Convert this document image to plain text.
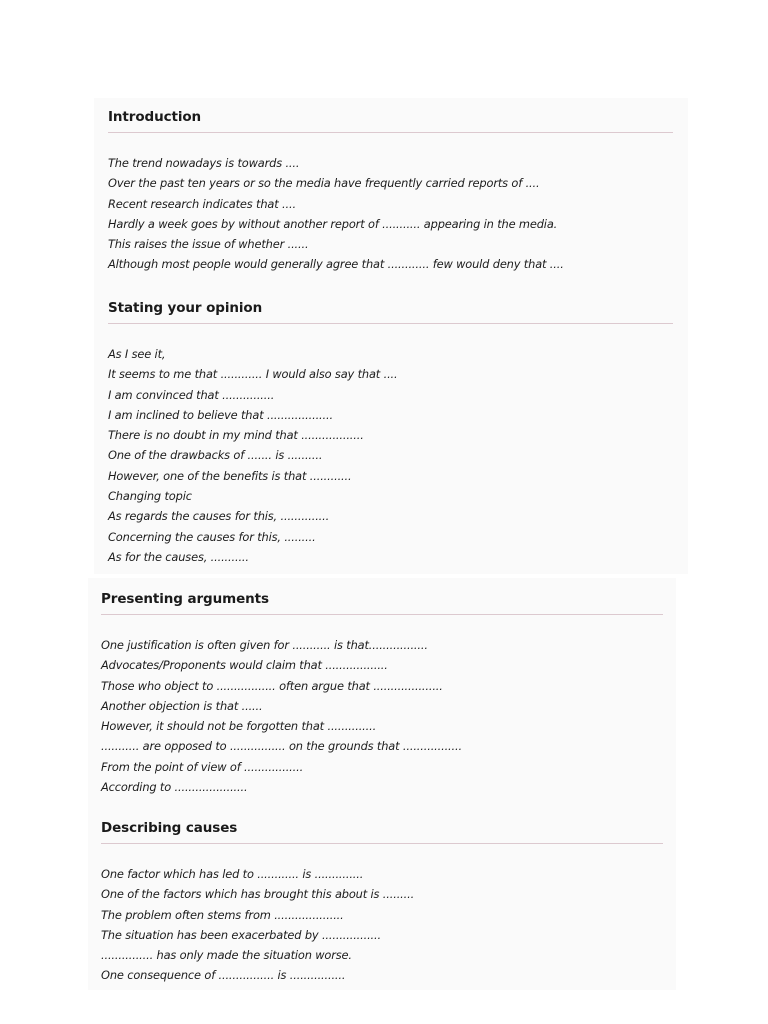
Introduction
The trend nowadays is towards ....
Over the past ten years or so the media have frequently carried reports of ....
Recent research indicates that ....
Hardly a week goes by without another report of ........... appearing in the media.
This raises the issue of whether ......
Although most people would generally agree that ............ few would deny that ....
Stating your opinion
As I see it,
It seems to me that ............ I would also say that ....
I am convinced that ...............
I am inclined to believe that ...................
There is no doubt in my mind that ..................
One of the drawbacks of ....... is ..........
However, one of the benefits is that ............
Changing topic
As regards the causes for this, ..............
Concerning the causes for this, .........
As for the causes, ...........
Presenting arguments
One justification is often given for ........... is that.................
Advocates/Proponents would claim that ..................
Those who object to ................. often argue that ....................
Another objection is that ......
However, it should not be forgotten that ..............
........... are opposed to ................ on the grounds that .................
From the point of view of .................
According to .....................
Describing causes
One factor which has led to ............ is ..............
One of the factors which has brought this about is .........
The problem often stems from ....................
The situation has been exacerbated by .................
............... has only made the situation worse.
One consequence of ................ is ................
